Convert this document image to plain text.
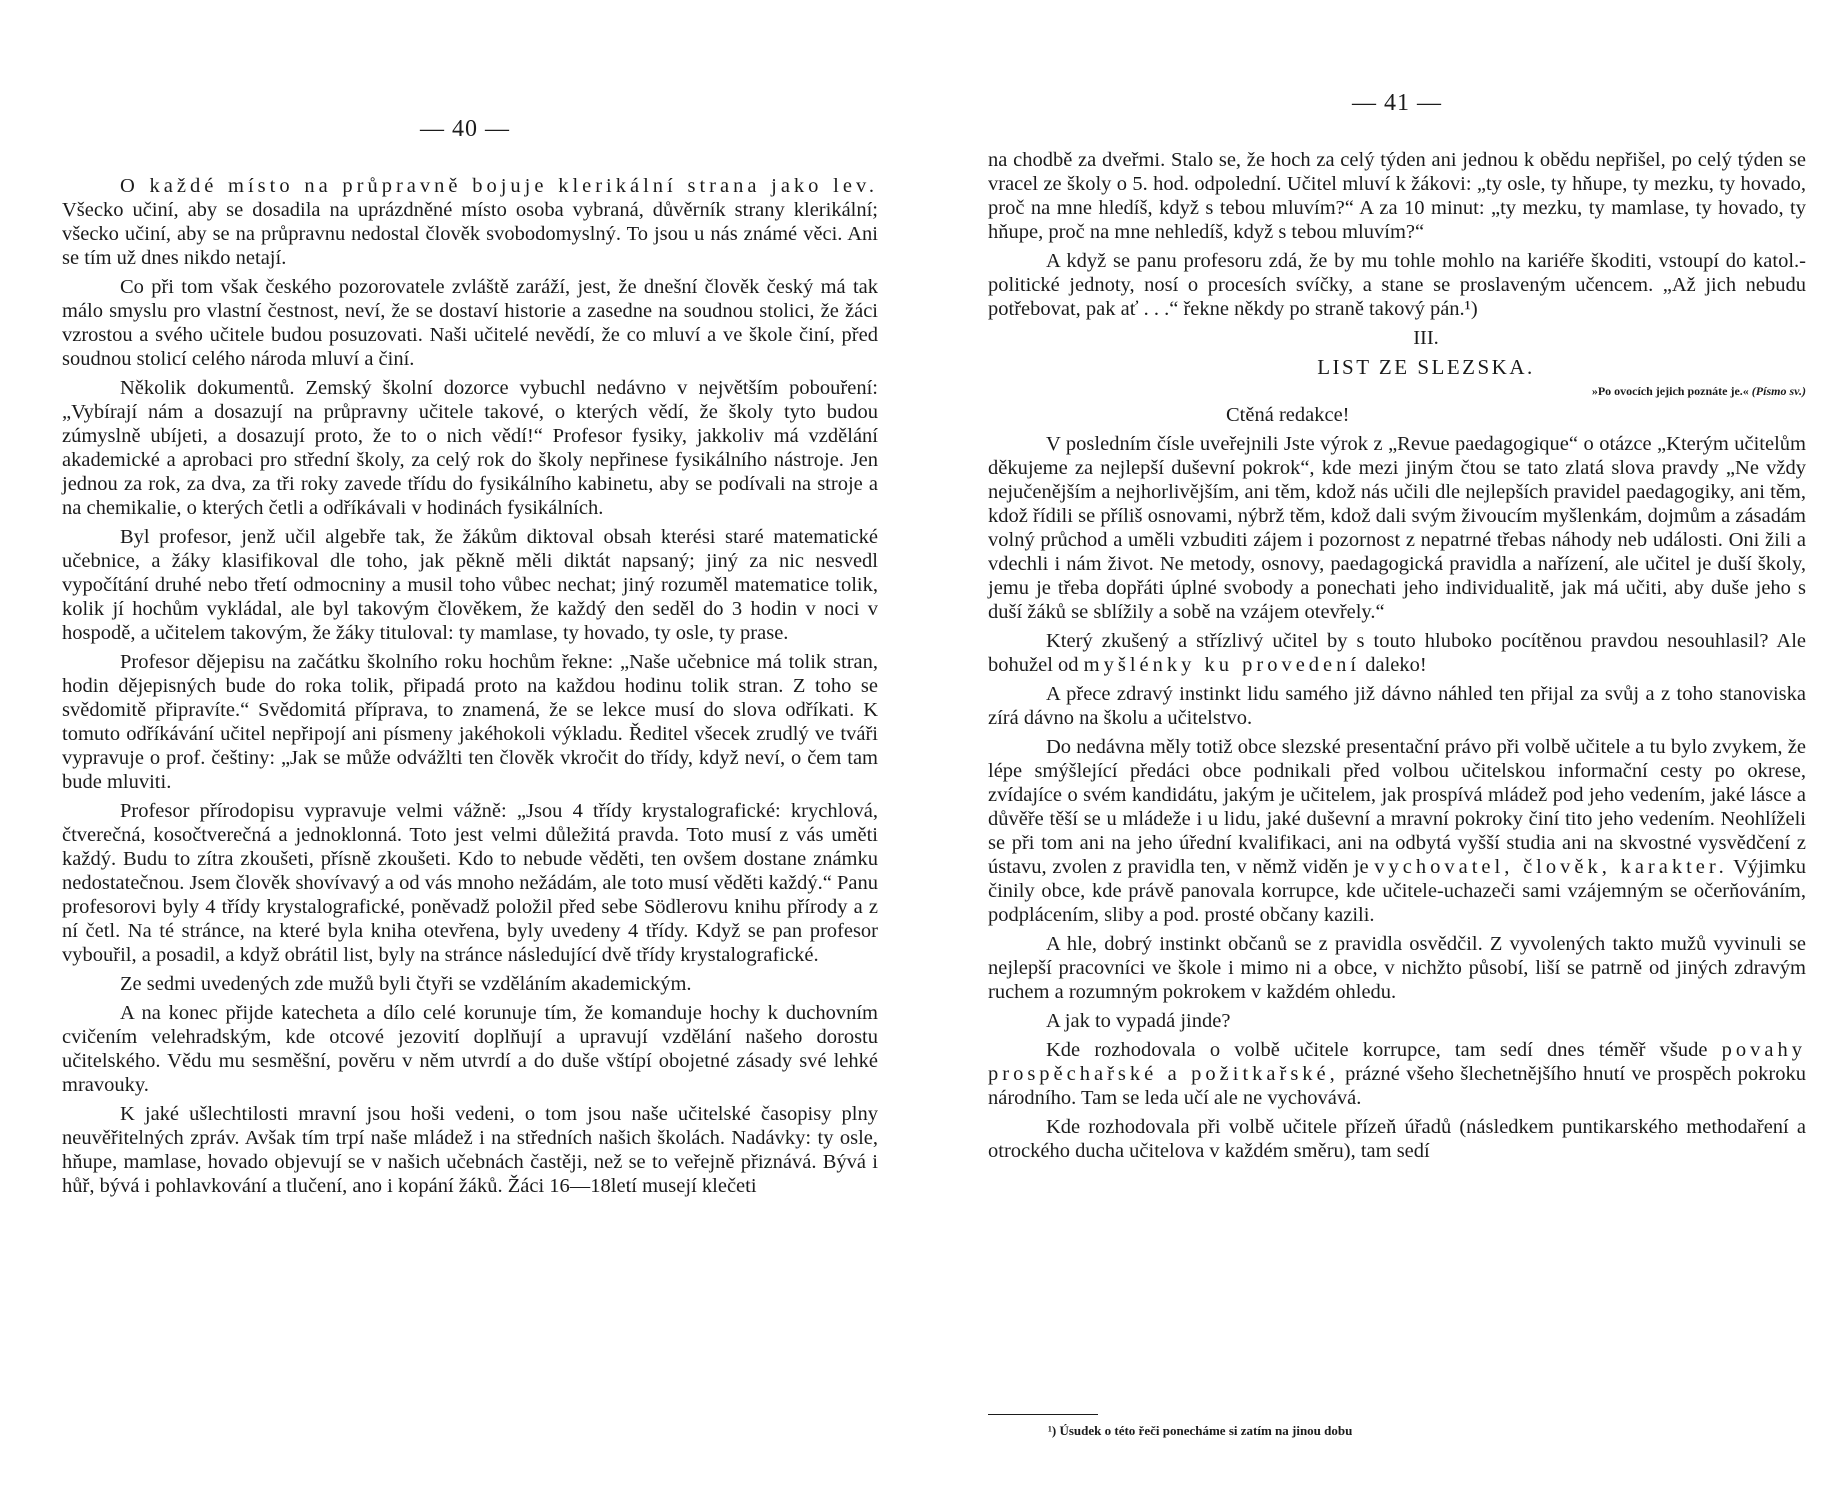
— 40 —

O každé místo na průpravně bojuje klerikální strana jako lev. Všecko učiní, aby se dosadila na uprázdněné místo osoba vybraná, důvěrník strany klerikální; všecko učiní, aby se na průpravnu nedostal člověk svobodomyslný. To jsou u nás známé věci. Ani se tím už dnes nikdo netají.

Co při tom však českého pozorovatele zvláště zaráží, jest, že dnešní člověk český má tak málo smyslu pro vlastní čestnost, neví, že se dostaví historie a zasedne na soudnou stolici, že žáci vzrostou a svého učitele budou posuzovati. Naši učitelé nevědí, že co mluví a ve škole činí, před soudnou stolicí celého národa mluví a činí.

Několik dokumentů. Zemský školní dozorce vybuchl nedávno v největším pobouření: „Vybírají nám a dosazují na průpravny učitele takové, o kterých vědí, že školy tyto budou zúmyslně ubíjeti, a dosazují proto, že to o nich vědí!“ Profesor fysiky, jakkoliv má vzdělání akademické a aprobaci pro střední školy, za celý rok do školy nepřinese fysikálního nástroje. Jen jednou za rok, za dva, za tři roky zavede třídu do fysikálního kabinetu, aby se podívali na stroje a na chemikalie, o kterých četli a odříkávali v hodinách fysikálních.

Byl profesor, jenž učil algebře tak, že žákům diktoval obsah kterési staré matematické učebnice, a žáky klasifikoval dle toho, jak pěkně měli diktát napsaný; jiný za nic nesvedl vypočítání druhé nebo třetí odmocniny a musil toho vůbec nechat; jiný rozuměl matematice tolik, kolik jí hochům vykládal, ale byl takovým člověkem, že každý den seděl do 3 hodin v noci v hospodě, a učitelem takovým, že žáky tituloval: ty mamlase, ty hovado, ty osle, ty prase.

Profesor dějepisu na začátku školního roku hochům řekne: „Naše učebnice má tolik stran, hodin dějepisných bude do roka tolik, připadá proto na každou hodinu tolik stran. Z toho se svědomitě připravíte.“ Svědomitá příprava, to znamená, že se lekce musí do slova odříkati. K tomuto odříkávání učitel nepřipojí ani písmeny jakéhokoli výkladu. Ředitel všecek zrudlý ve tváři vypravuje o prof. češtiny: „Jak se může odvážlti ten člověk vkročit do třídy, když neví, o čem tam bude mluviti.

Profesor přírodopisu vypravuje velmi vážně: „Jsou 4 třídy krystalografické: krychlová, čtverečná, kosočtverečná a jednoklonná. Toto jest velmi důležitá pravda. Toto musí z vás uměti každý. Budu to zítra zkoušeti, přísně zkoušeti. Kdo to nebude věděti, ten ovšem dostane známku nedostatečnou. Jsem člověk shovívavý a od vás mnoho nežádám, ale toto musí věděti každý.“ Panu profesorovi byly 4 třídy krystalografické, poněvadž položil před sebe Södlerovu knihu přírody a z ní četl. Na té stránce, na které byla kniha otevřena, byly uvedeny 4 třídy. Když se pan profesor vybouřil, a posadil, a když obrátil list, byly na stránce následující dvě třídy krystalografické.

Ze sedmi uvedených zde mužů byli čtyři se vzděláním akademickým.

A na konec přijde katecheta a dílo celé korunuje tím, že komanduje hochy k duchovním cvičením velehradským, kde otcové jezovití doplňují a upravují vzdělání našeho dorostu učitelského. Vědu mu sesměšní, pověru v něm utvrdí a do duše vštípí obojetné zásady své lehké mravouky.

K jaké ušlechtilosti mravní jsou hoši vedeni, o tom jsou naše učitelské časopisy plny neuvěřitelných zpráv. Avšak tím trpí naše mládež i na středních našich školách. Nadávky: ty osle, hňupe, mamlase, hovado objevují se v našich učebnách častěji, než se to veřejně přiznává. Bývá i hůř, bývá i pohlavkování a tlučení, ano i kopání žáků. Žáci 16—18letí musejí klečeti

— 41 —

na chodbě za dveřmi. Stalo se, že hoch za celý týden ani jednou k obědu nepřišel, po celý týden se vracel ze školy o 5. hod. odpolední. Učitel mluví k žákovi: „ty osle, ty hňupe, ty mezku, ty hovado, proč na mne hledíš, když s tebou mluvím?“ A za 10 minut: „ty mezku, ty mamlase, ty hovado, ty hňupe, proč na mne nehledíš, když s tebou mluvím?“

A když se panu profesoru zdá, že by mu tohle mohlo na kariéře škoditi, vstoupí do katol.-politické jednoty, nosí o procesích svíčky, a stane se proslaveným učencem. „Až jich nebudu potřebovat, pak ať . . .“ řekne někdy po straně takový pán.¹)

III.

LIST ZE SLEZSKA.

»Po ovocích jejich poznáte je.« (Písmo sv.)

Ctěná redakce!

V posledním čísle uveřejnili Jste výrok z „Revue paedagogique“ o otázce „Kterým učitelům děkujeme za nejlepší duševní pokrok“, kde mezi jiným čtou se tato zlatá slova pravdy „Ne vždy nejučenějším a nejhorlivějším, ani těm, kdož nás učili dle nejlepších pravidel paedagogiky, ani těm, kdož řídili se příliš osnovami, nýbrž těm, kdož dali svým živoucím myšlenkám, dojmům a zásadám volný průchod a uměli vzbuditi zájem i pozornost z nepatrné třebas náhody neb události. Oni žili a vdechli i nám život. Ne metody, osnovy, paedagogická pravidla a nařízení, ale učitel je duší školy, jemu je třeba dopřáti úplné svobody a ponechati jeho individualitě, jak má učiti, aby duše jeho s duší žáků se sblížily a sobě na vzájem otevřely.“

Který zkušený a střízlivý učitel by s touto hluboko pocítěnou pravdou nesouhlasil? Ale bohužel od myšlénky ku provedení daleko!

A přece zdravý instinkt lidu samého již dávno náhled ten přijal za svůj a z toho stanoviska zírá dávno na školu a učitelstvo.

Do nedávna měly totiž obce slezské presentační právo při volbě učitele a tu bylo zvykem, že lépe smýšlející předáci obce podnikali před volbou učitelskou informační cesty po okrese, zvídajíce o svém kandidátu, jakým je učitelem, jak prospívá mládež pod jeho vedením, jaké lásce a důvěře těší se u mládeže i u lidu, jaké duševní a mravní pokroky činí tito jeho vedením. Neohlíželi se při tom ani na jeho úřední kvalifikaci, ani na odbytá vyšší studia ani na skvostné vysvědčení z ústavu, zvolen z pravidla ten, v němž viděn je vychovatel, člověk, karakter. Výjimku činily obce, kde právě panovala korrupce, kde učitele-uchazeči sami vzájemným se očerňováním, podplácením, sliby a pod. prosté občany kazili.

A hle, dobrý instinkt občanů se z pravidla osvědčil. Z vyvolených takto mužů vyvinuli se nejlepší pracovníci ve škole i mimo ni a obce, v nichžto působí, liší se patrně od jiných zdravým ruchem a rozumným pokrokem v každém ohledu.

A jak to vypadá jinde?

Kde rozhodovala o volbě učitele korrupce, tam sedí dnes téměř všude povahy prospěchařské a požitkařské, prázné všeho šlechetnějšího hnutí ve prospěch pokroku národního. Tam se leda učí ale ne vychovává.

Kde rozhodovala při volbě učitele přízeň úřadů (následkem puntikarského methodaření a otrockého ducha učitelova v každém směru), tam sedí

¹) Úsudek o této řeči ponecháme si zatím na jinou dobu
